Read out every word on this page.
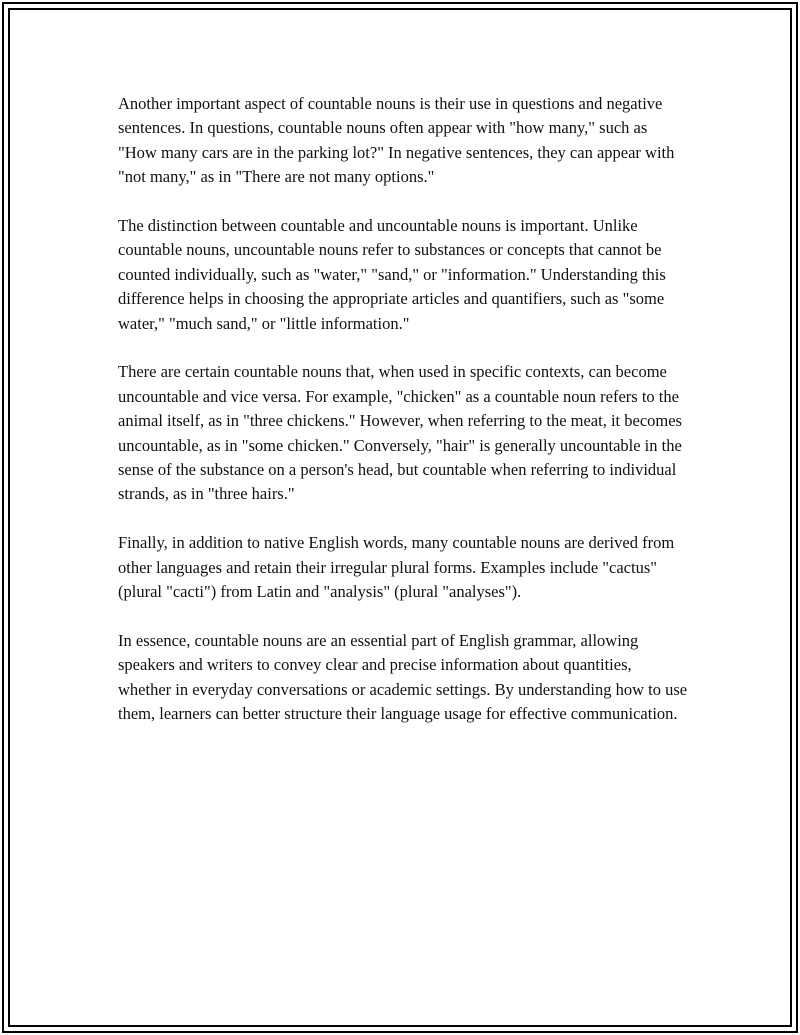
Another important aspect of countable nouns is their use in questions and negative sentences. In questions, countable nouns often appear with "how many," such as "How many cars are in the parking lot?" In negative sentences, they can appear with "not many," as in "There are not many options."

The distinction between countable and uncountable nouns is important. Unlike countable nouns, uncountable nouns refer to substances or concepts that cannot be counted individually, such as "water," "sand," or "information." Understanding this difference helps in choosing the appropriate articles and quantifiers, such as "some water," "much sand," or "little information."

There are certain countable nouns that, when used in specific contexts, can become uncountable and vice versa. For example, "chicken" as a countable noun refers to the animal itself, as in "three chickens." However, when referring to the meat, it becomes uncountable, as in "some chicken." Conversely, "hair" is generally uncountable in the sense of the substance on a person's head, but countable when referring to individual strands, as in "three hairs."

Finally, in addition to native English words, many countable nouns are derived from other languages and retain their irregular plural forms. Examples include "cactus" (plural "cacti") from Latin and "analysis" (plural "analyses").

In essence, countable nouns are an essential part of English grammar, allowing speakers and writers to convey clear and precise information about quantities, whether in everyday conversations or academic settings. By understanding how to use them, learners can better structure their language usage for effective communication.
